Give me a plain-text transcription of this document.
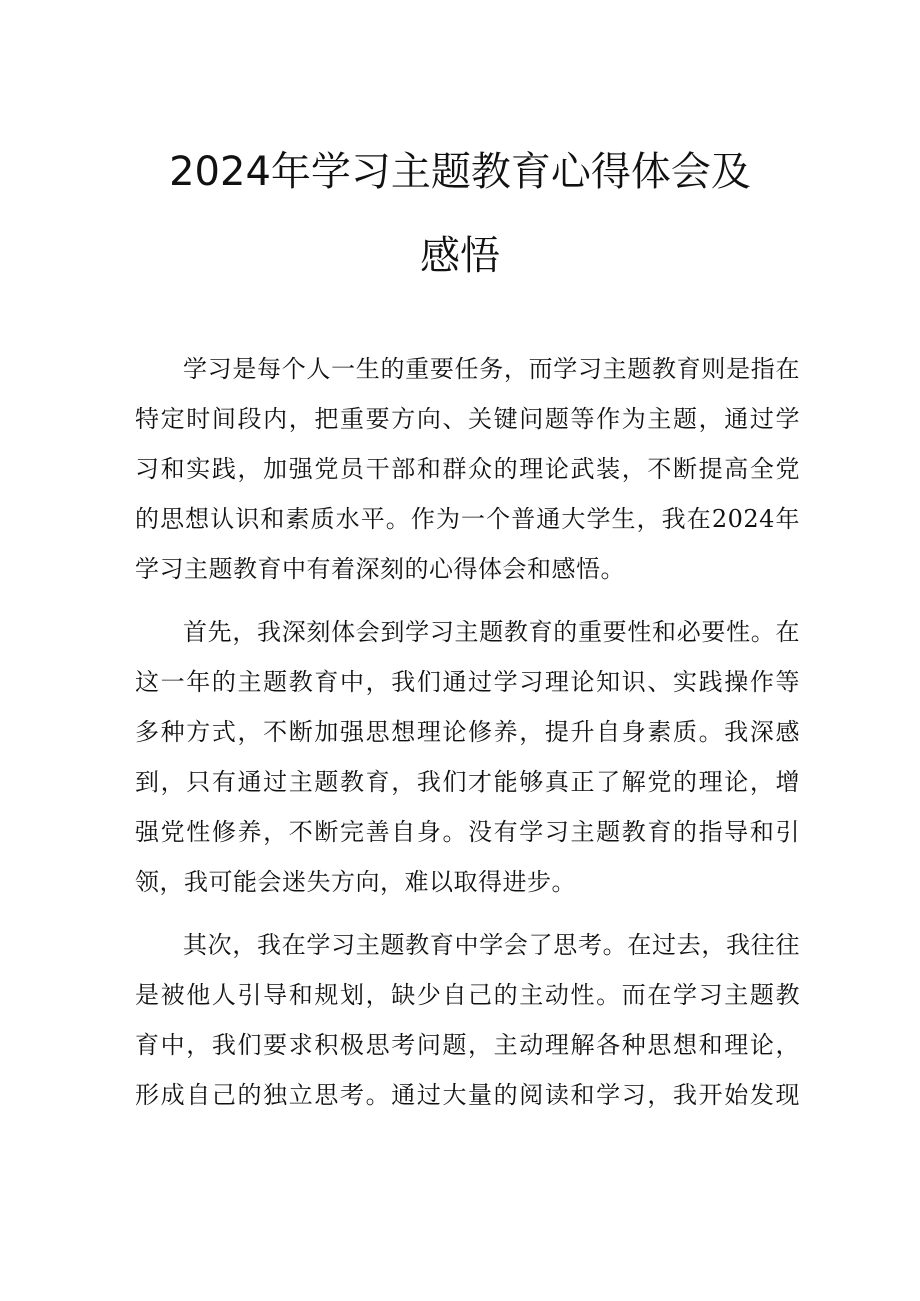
2024年学习主题教育心得体会及
感悟
学习是每个人一生的重要任务，而学习主题教育则是指在
特定时间段内，把重要方向、关键问题等作为主题，通过学
习和实践，加强党员干部和群众的理论武装，不断提高全党
的思想认识和素质水平。作为一个普通大学生，我在2024年
学习主题教育中有着深刻的心得体会和感悟。
首先，我深刻体会到学习主题教育的重要性和必要性。在
这一年的主题教育中，我们通过学习理论知识、实践操作等
多种方式，不断加强思想理论修养，提升自身素质。我深感
到，只有通过主题教育，我们才能够真正了解党的理论，增
强党性修养，不断完善自身。没有学习主题教育的指导和引
领，我可能会迷失方向，难以取得进步。
其次，我在学习主题教育中学会了思考。在过去，我往往
是被他人引导和规划，缺少自己的主动性。而在学习主题教
育中，我们要求积极思考问题，主动理解各种思想和理论，
形成自己的独立思考。通过大量的阅读和学习，我开始发现
